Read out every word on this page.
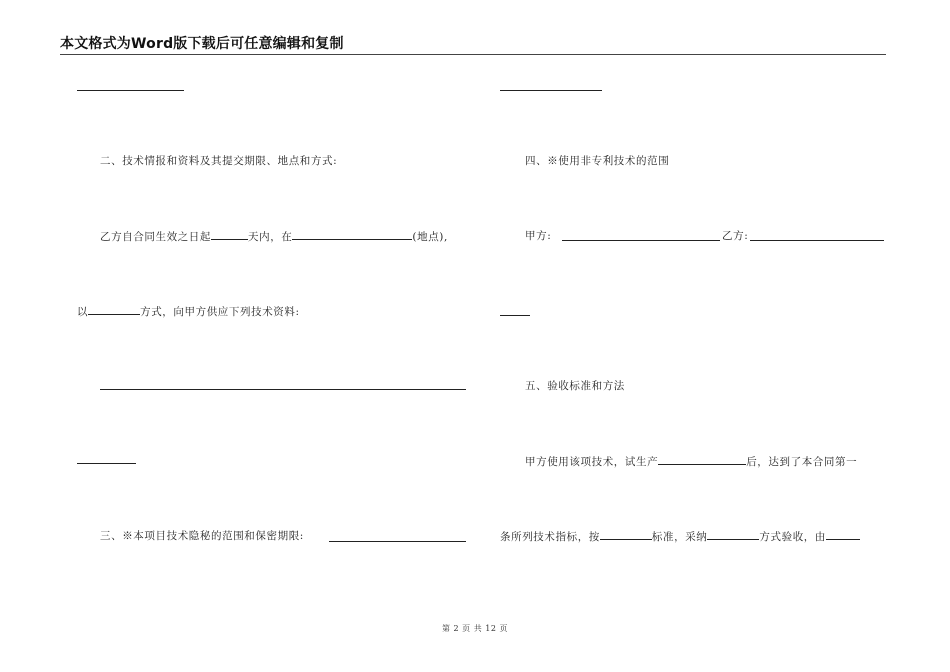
本文格式为Word版下载后可任意编辑和复制
二、技术情报和资料及其提交期限、地点和方式:
乙方自合同生效之日起	天内，在	(地点),
以	方式，向甲方供应下列技术资料:
三、※本项目技术隐秘的范围和保密期限:
四、※使用非专利技术的范围
甲方:	乙方:
五、验收标准和方法
甲方使用该项技术，试生产	后，达到了本合同第一
条所列技术指标，按	标准，采纳	方式验收，由
第 2 页 共 12 页
